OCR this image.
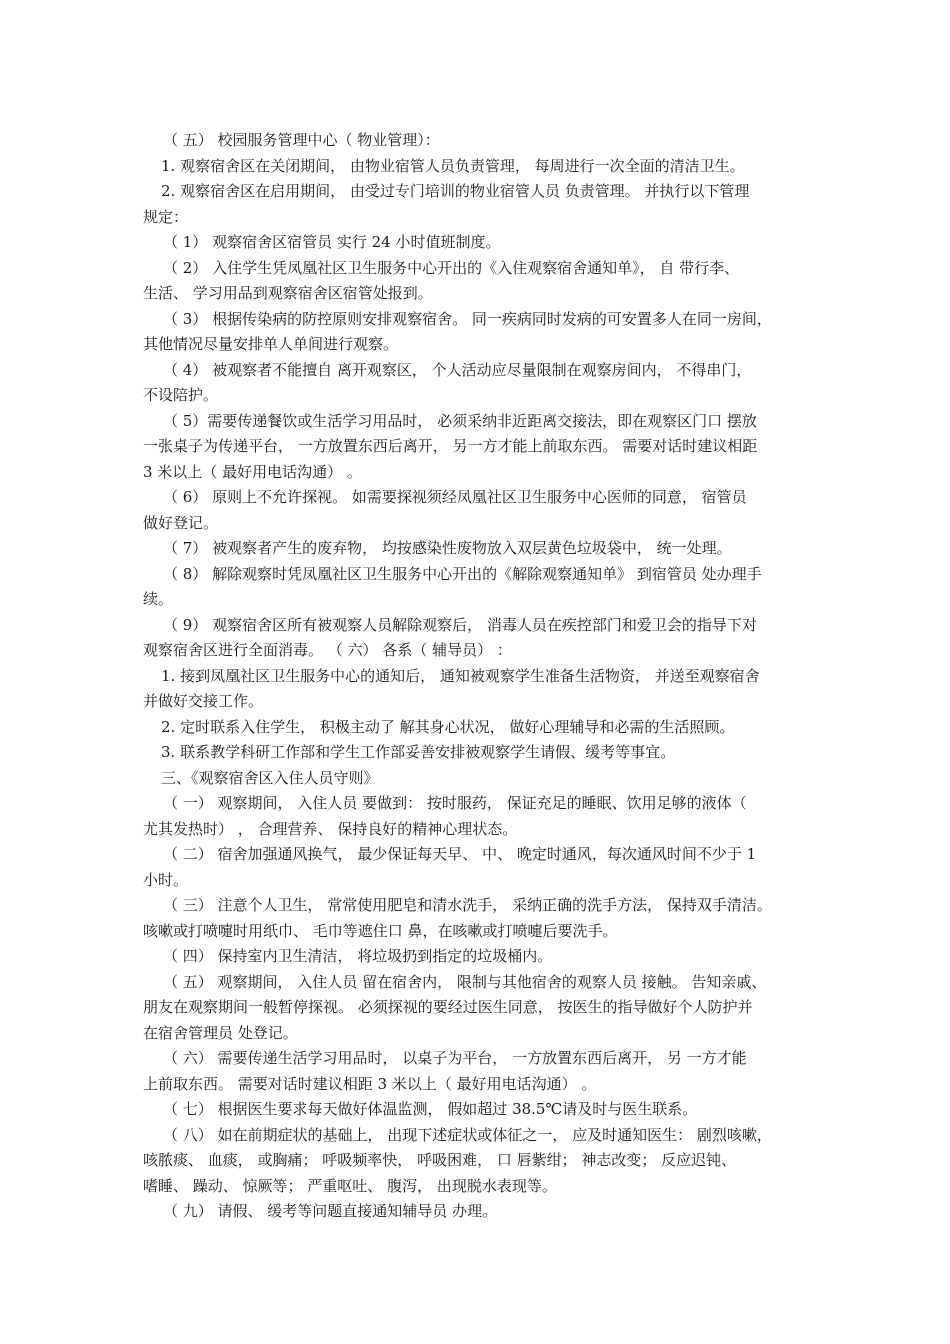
（ 五） 校园服务管理中心（ 物业管理）：
1. 观察宿舍区在关闭期间， 由物业宿管人员负责管理， 每周进行一次全面的清洁卫生。
2. 观察宿舍区在启用期间， 由受过专门培训的物业宿管人员 负责管理。 并执行以下管理
规定：
（ 1） 观察宿舍区宿管员 实行 24 小时值班制度。
（ 2） 入住学生凭凤凰社区卫生服务中心开出的《入住观察宿舍通知单》， 自 带行李、
生活、 学习用品到观察宿舍区宿管处报到。
（ 3） 根据传染病的防控原则安排观察宿舍。 同一疾病同时发病的可安置多人在同一房间，
其他情况尽量安排单人单间进行观察。
（ 4） 被观察者不能擅自 离开观察区， 个人活动应尽量限制在观察房间内， 不得串门，
不设陪护。
（ 5）需要传递餐饮或生活学习用品时， 必须采纳非近距离交接法，即在观察区门口 摆放
一张桌子为传递平台， 一方放置东西后离开， 另一方才能上前取东西。 需要对话时建议相距
3 米以上（ 最好用电话沟通） 。
（ 6） 原则上不允许探视。 如需要探视须经凤凰社区卫生服务中心医师的同意， 宿管员
做好登记。
（ 7） 被观察者产生的废弃物， 均按感染性废物放入双层黄色垃圾袋中， 统一处理。
（ 8） 解除观察时凭凤凰社区卫生服务中心开出的《解除观察通知单》 到宿管员 处办理手
续。
（ 9） 观察宿舍区所有被观察人员解除观察后， 消毒人员在疾控部门和爱卫会的指导下对
观察宿舍区进行全面消毒。 （ 六） 各系（ 辅导员） ：
1. 接到凤凰社区卫生服务中心的通知后， 通知被观察学生准备生活物资， 并送至观察宿舍
并做好交接工作。
2. 定时联系入住学生， 积极主动了 解其身心状况， 做好心理辅导和必需的生活照顾。
3. 联系教学科研工作部和学生工作部妥善安排被观察学生请假、缓考等事宜。
三、《观察宿舍区入住人员守则》
（ 一） 观察期间， 入住人员 要做到： 按时服药， 保证充足的睡眠、饮用足够的液体（
尤其发热时） ， 合理营养、 保持良好的精神心理状态。
（ 二） 宿舍加强通风换气， 最少保证每天早、 中、 晚定时通风，每次通风时间不少于 1
小时。
（ 三） 注意个人卫生， 常常使用肥皂和清水洗手， 采纳正确的洗手方法， 保持双手清洁。
咳嗽或打喷嚏时用纸巾、 毛巾等遮住口 鼻，在咳嗽或打喷嚏后要洗手。
（ 四） 保持室内卫生清洁， 将垃圾扔到指定的垃圾桶内。
（ 五） 观察期间， 入住人员 留在宿舍内， 限制与其他宿舍的观察人员 接触。 告知亲戚、
朋友在观察期间一般暂停探视。 必须探视的要经过医生同意， 按医生的指导做好个人防护并
在宿舍管理员 处登记。
（ 六） 需要传递生活学习用品时， 以桌子为平台， 一方放置东西后离开， 另 一方才能
上前取东西。 需要对话时建议相距 3 米以上（ 最好用电话沟通） 。
（ 七） 根据医生要求每天做好体温监测， 假如超过 38.5℃请及时与医生联系。
（ 八） 如在前期症状的基础上， 出现下述症状或体征之一， 应及时通知医生： 剧烈咳嗽，
咳脓痰、 血痰， 或胸痛； 呼吸频率快， 呼吸困难， 口 唇紫绀； 神志改变； 反应迟钝、
嗜睡、 躁动、 惊厥等； 严重呕吐、 腹泻， 出现脱水表现等。
（ 九） 请假、 缓考等问题直接通知辅导员 办理。
